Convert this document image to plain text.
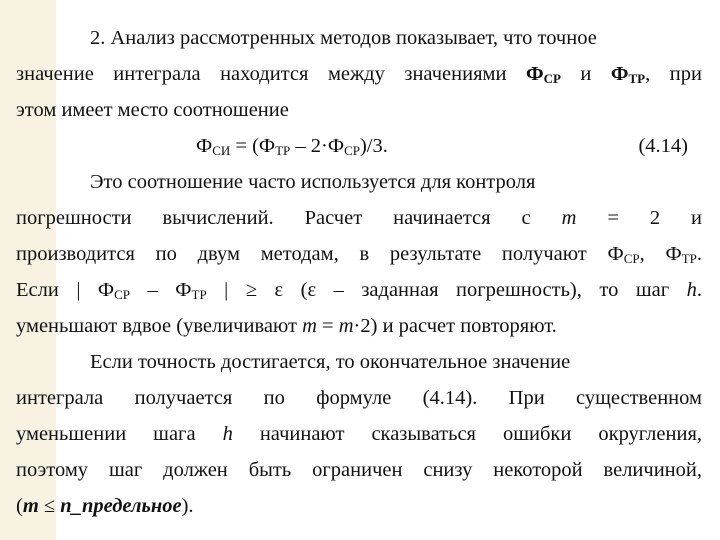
2. Анализ рассмотренных методов показывает, что точное
значение интеграла находится между значениями $Ф_{СР}$ и $Ф_{ТР}$, при
этом имеет место соотношение
$Ф_{СИ} = (Ф_{ТР} - 2\cdot Ф_{СР})/3$.	(4.14)
Это соотношение часто используется для контроля
погрешности вычислений. Расчет начинается с m = 2 и
производится по двум методам, в результате получают $Ф_{СР}$, $Ф_{ТР}$.
Если | $Ф_{СР} - Ф_{ТР}$ | ≥ ε (ε – заданная погрешность), то шаг h.
уменьшают вдвое (увеличивают m = m·2) и расчет повторяют.
Если точность достигается, то окончательное значение
интеграла получается по формуле (4.14). При существенном
уменьшении шага h начинают сказываться ошибки округления,
поэтому шаг должен быть ограничен снизу некоторой величиной,
(m ≤ n_предельное).
